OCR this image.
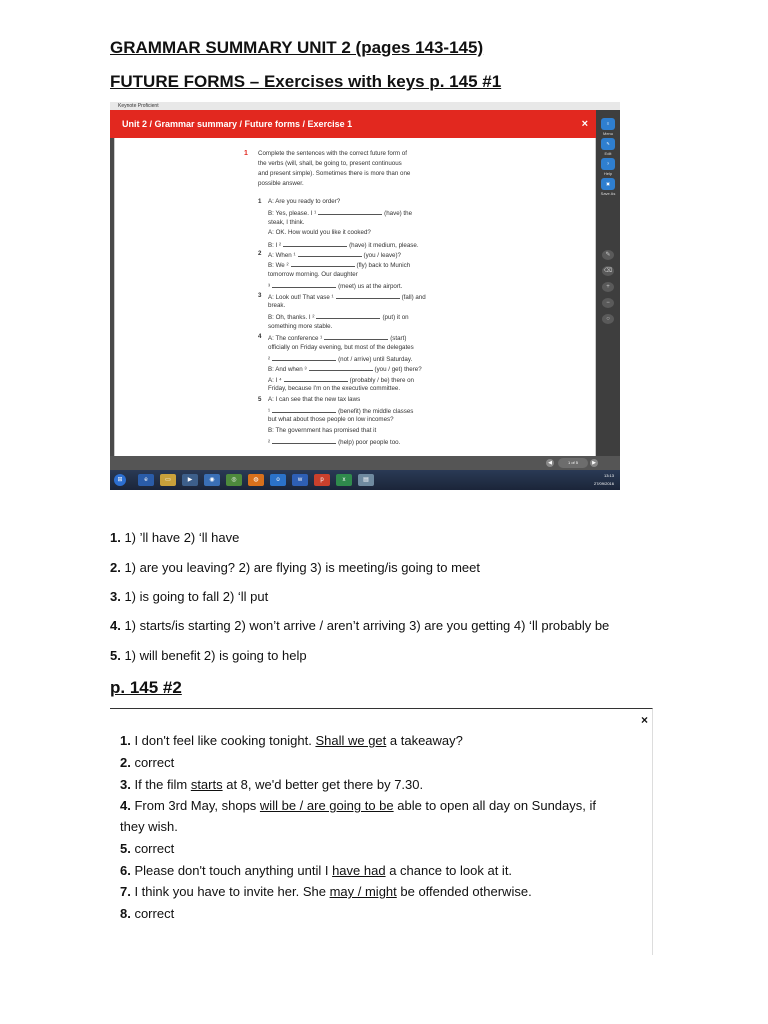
GRAMMAR SUMMARY UNIT 2 (pages 143-145)
FUTURE FORMS – Exercises with keys p. 145 #1
Keynote Proficient
Unit 2 / Grammar summary / Future forms / Exercise 1	×	≡
Menu
✎
Edit
?
Help
▣
Save As
✎
⌫
+
−
○
◀	1 of 5	▶
⊞	e	▭	▶	◉	◎	◍	o	w	p	x	▤
13:13
27/09/2016
1 Complete the sentences with the correct future form of
the verbs (will, shall, be going to, present continuous
and present simple). Sometimes there is more than one
possible answer.
1 A: Are you ready to order?
B: Yes, please. I ¹	(have) the
steak, I think.
A: OK. How would you like it cooked?
B: I ²	(have) it medium, please.
2 A: When ¹	(you / leave)?
B: We ²	(fly) back to Munich
tomorrow morning. Our daughter
³	(meet) us at the airport.
3 A: Look out! That vase ¹	(fall) and
break.
B: Oh, thanks. I ²	(put) it on
something more stable.
4 A: The conference ¹	(start)
officially on Friday evening, but most of the delegates
²	(not / arrive) until Saturday.
B: And when ³	(you / get) there?
A: I ⁴	(probably / be) there on
Friday, because I'm on the executive committee.
5 A: I can see that the new tax laws
¹	(benefit) the middle classes
but what about those people on low incomes?
B: The government has promised that it
²	(help) poor people too.
1. 1) ’ll have 2) ‘ll have
2. 1) are you leaving? 2) are flying 3) is meeting/is going to meet
3. 1) is going to fall 2) ‘ll put
4. 1) starts/is starting 2) won’t arrive / aren’t arriving 3) are you getting 4) ‘ll probably be
5. 1) will benefit 2) is going to help
p. 145 #2
×
1. I don't feel like cooking tonight. Shall we get a takeaway?
2. correct
3. If the film starts at 8, we'd better get there by 7.30.
4. From 3rd May, shops will be / are going to be able to open all day on Sundays, if
they wish.
5. correct
6. Please don't touch anything until I have had a chance to look at it.
7. I think you have to invite her. She may / might be offended otherwise.
8. correct
